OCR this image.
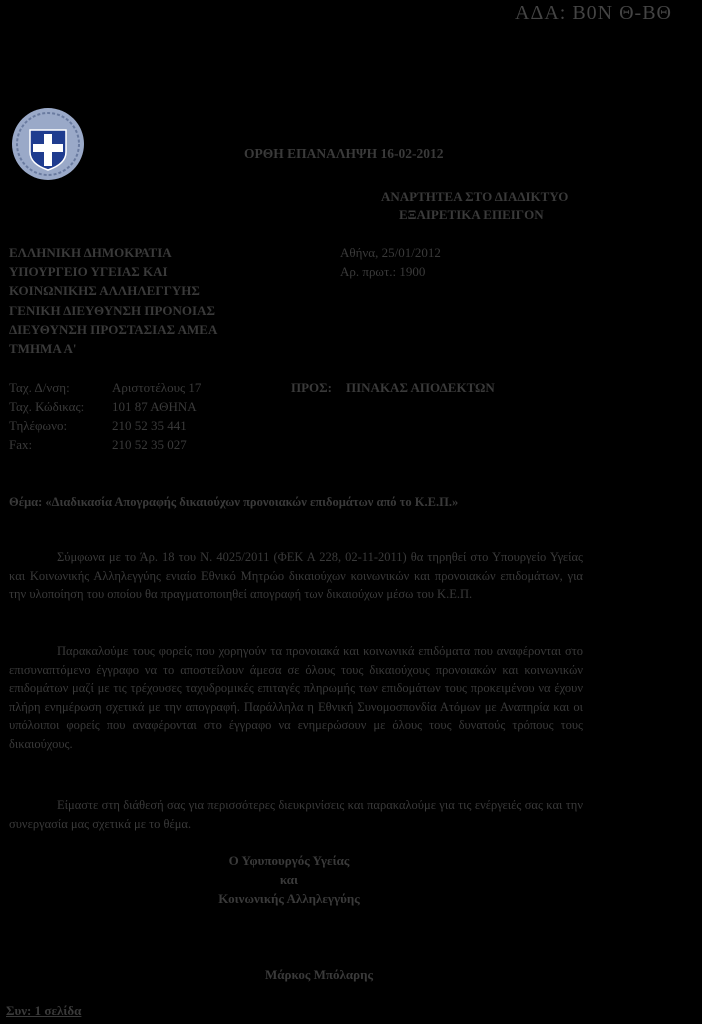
ΑΔΑ: Β0Ν Θ-ΒΘ
ΟΡΘΗ ΕΠΑΝΑΛΗΨΗ 16-02-2012
ΑΝΑΡΤΗΤΕΑ ΣΤΟ ΔΙΑΔΙΚΤΥΟ
ΕΞΑΙΡΕΤΙΚΑ ΕΠΕΙΓΟΝ
ΕΛΛΗΝΙΚΗ ΔΗΜΟΚΡΑΤΙΑ
ΥΠΟΥΡΓΕΙΟ ΥΓΕΙΑΣ ΚΑΙ
ΚΟΙΝΩΝΙΚΗΣ ΑΛΛΗΛΕΓΓΥΗΣ
ΓΕΝΙΚΗ ΔΙΕΥΘΥΝΣΗ ΠΡΟΝΟΙΑΣ
ΔΙΕΥΘΥΝΣΗ ΠΡΟΣΤΑΣΙΑΣ ΑΜΕΑ
ΤΜΗΜΑ Α'
Αθήνα, 25/01/2012
Αρ. πρωτ.: 1900
Ταχ. Δ/νση:	Αριστοτέλους 17
Ταχ. Κώδικας: 101 87 ΑΘΗΝΑ
Τηλέφωνο:	210 52 35 441
Fax:	210 52 35 027
ΠΡΟΣ: ΠΙΝΑΚΑΣ ΑΠΟΔΕΚΤΩΝ
Θέμα: «Διαδικασία Απογραφής δικαιούχων προνοιακών επιδομάτων από το Κ.Ε.Π.»
Σύμφωνα με το Άρ. 18 του Ν. 4025/2011 (ΦΕΚ Α 228, 02-11-2011) θα τηρηθεί στο Υπουργείο Υγείας και Κοινωνικής Αλληλεγγύης ενιαίο Εθνικό Μητρώο δικαιούχων κοινωνικών και προνοιακών επιδομάτων, για την υλοποίηση του οποίου θα πραγματοποιηθεί απογραφή των δικαιούχων μέσω του Κ.Ε.Π.
Παρακαλούμε τους φορείς που χορηγούν τα προνοιακά και κοινωνικά επιδόματα που αναφέρονται στο επισυναπτόμενο έγγραφο να το αποστείλουν άμεσα σε όλους τους δικαιούχους προνοιακών και κοινωνικών επιδομάτων μαζί με τις τρέχουσες ταχυδρομικές επιταγές πληρωμής των επιδομάτων τους προκειμένου να έχουν πλήρη ενημέρωση σχετικά με την απογραφή. Παράλληλα η Εθνική Συνομοσπονδία Ατόμων με Αναπηρία και οι υπόλοιποι φορείς που αναφέρονται στο έγγραφο να ενημερώσουν με όλους τους δυνατούς τρόπους τους δικαιούχους.
Είμαστε στη διάθεσή σας για περισσότερες διευκρινίσεις και παρακαλούμε για τις ενέργειές σας και την συνεργασία μας σχετικά με το θέμα.
Ο Υφυπουργός Υγείας
και
Κοινωνικής Αλληλεγγύης
Μάρκος Μπόλαρης
Συν: 1 σελίδα
